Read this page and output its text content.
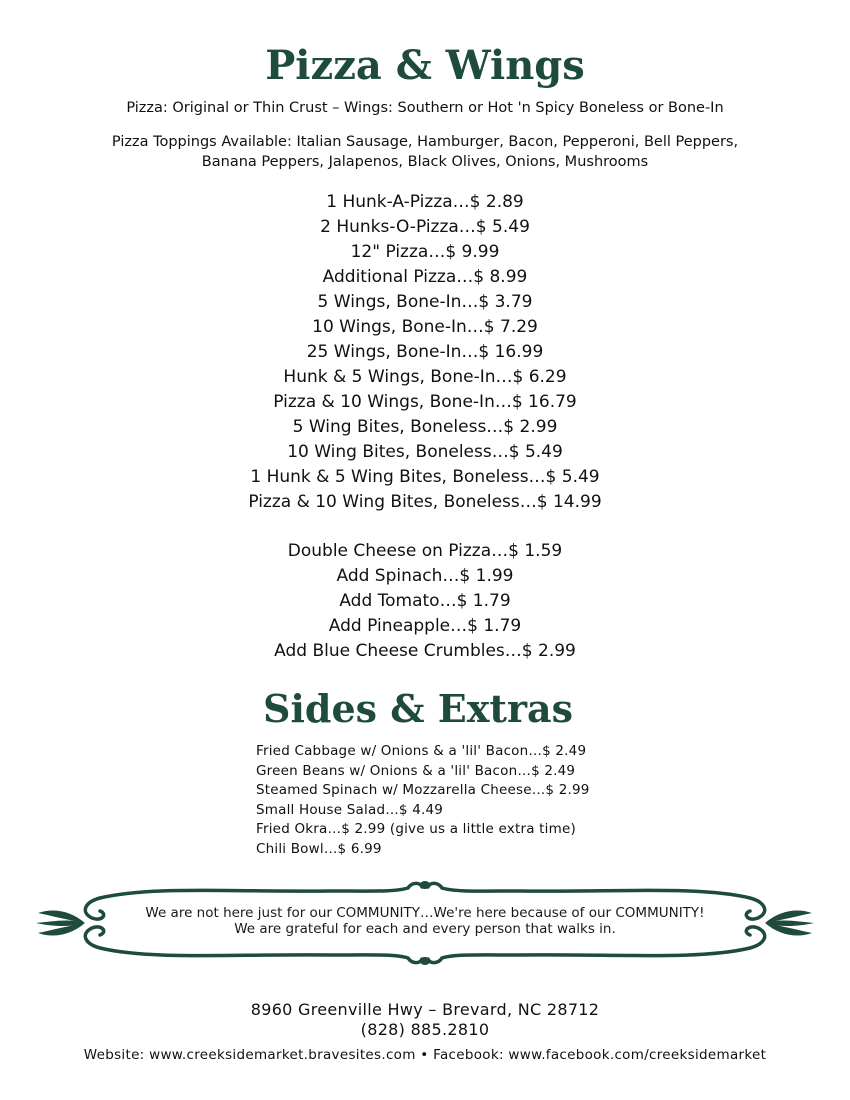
Pizza & Wings

Pizza: Original or Thin Crust – Wings: Southern or Hot 'n Spicy Boneless or Bone-In

Pizza Toppings Available: Italian Sausage, Hamburger, Bacon, Pepperoni, Bell Peppers,

Banana Peppers, Jalapenos, Black Olives, Onions, Mushrooms

1 Hunk-A-Pizza…$ 2.89
2 Hunks-O-Pizza…$ 5.49
12" Pizza…$ 9.99
Additional Pizza…$ 8.99
5 Wings, Bone-In…$ 3.79
10 Wings, Bone-In…$ 7.29
25 Wings, Bone-In…$ 16.99
Hunk & 5 Wings, Bone-In…$ 6.29
Pizza & 10 Wings, Bone-In…$ 16.79
5 Wing Bites, Boneless…$ 2.99
10 Wing Bites, Boneless…$ 5.49
1 Hunk & 5 Wing Bites, Boneless…$ 5.49
Pizza & 10 Wing Bites, Boneless…$ 14.99
Double Cheese on Pizza…$ 1.59
Add Spinach…$ 1.99
Add Tomato…$ 1.79
Add Pineapple…$ 1.79
Add Blue Cheese Crumbles…$ 2.99
Sides & Extras
Fried Cabbage w/ Onions & a 'lil' Bacon…$ 2.49
Green Beans w/ Onions & a 'lil' Bacon…$ 2.49
Steamed Spinach w/ Mozzarella Cheese…$ 2.99
Small House Salad…$ 4.49
Fried Okra…$ 2.99 (give us a little extra time)
Chili Bowl…$ 6.99
We are not here just for our COMMUNITY…We're here because of our COMMUNITY!
We are grateful for each and every person that walks in.
8960 Greenville Hwy – Brevard, NC 28712
(828) 885.2810
Website: www.creeksidemarket.bravesites.com • Facebook: www.facebook.com/creeksidemarket
